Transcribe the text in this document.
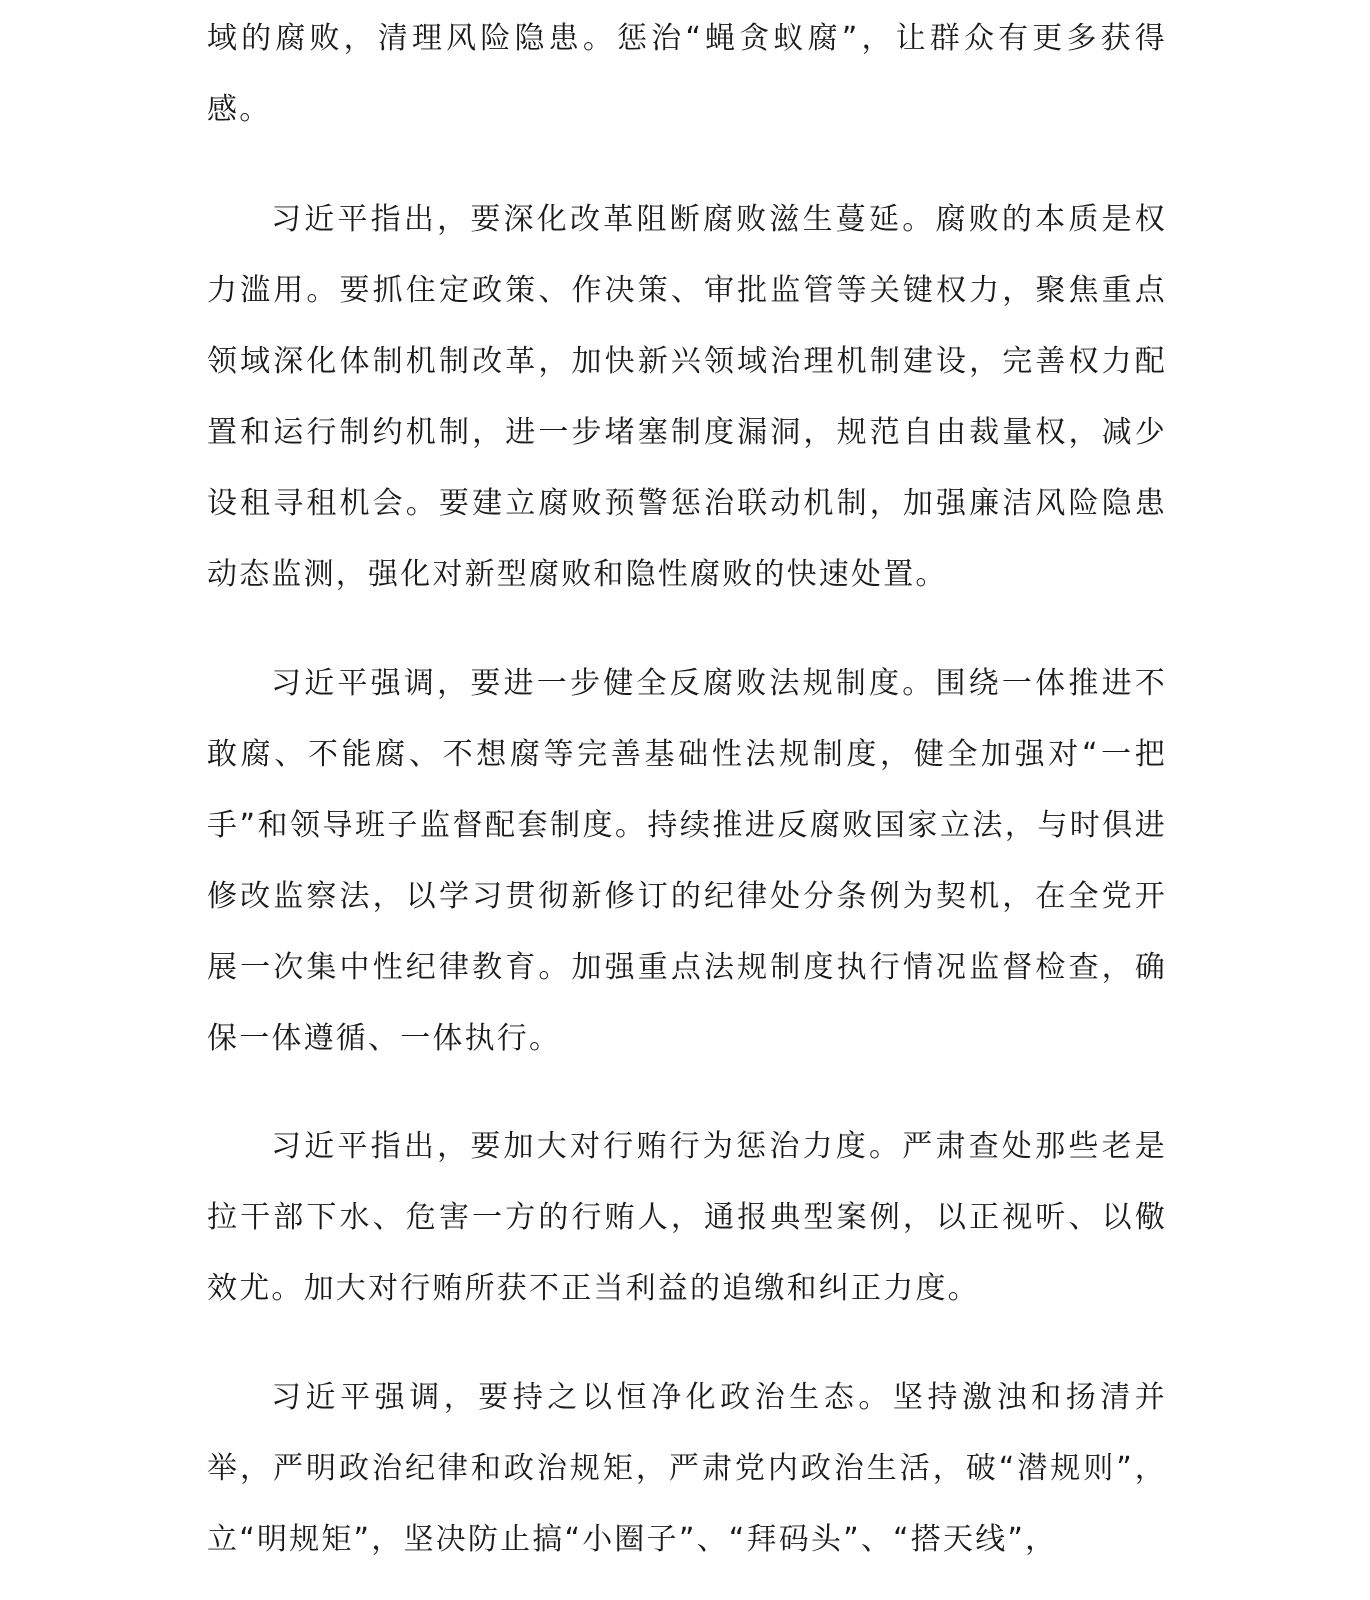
域的腐败，清理风险隐患。惩治“蝇贪蚁腐”，让群众有更多获得感。

习近平指出，要深化改革阻断腐败滋生蔓延。腐败的本质是权力滥用。要抓住定政策、作决策、审批监管等关键权力，聚焦重点领域深化体制机制改革，加快新兴领域治理机制建设，完善权力配置和运行制约机制，进一步堵塞制度漏洞，规范自由裁量权，减少设租寻租机会。要建立腐败预警惩治联动机制，加强廉洁风险隐患动态监测，强化对新型腐败和隐性腐败的快速处置。

习近平强调，要进一步健全反腐败法规制度。围绕一体推进不敢腐、不能腐、不想腐等完善基础性法规制度，健全加强对“一把手”和领导班子监督配套制度。持续推进反腐败国家立法，与时俱进修改监察法，以学习贯彻新修订的纪律处分条例为契机，在全党开展一次集中性纪律教育。加强重点法规制度执行情况监督检查，确保一体遵循、一体执行。

习近平指出，要加大对行贿行为惩治力度。严肃查处那些老是拉干部下水、危害一方的行贿人，通报典型案例，以正视听、以儆效尤。加大对行贿所获不正当利益的追缴和纠正力度。

习近平强调，要持之以恒净化政治生态。坚持激浊和扬清并举，严明政治纪律和政治规矩，严肃党内政治生活，破“潜规则”，立“明规矩”，坚决防止搞“小圈子”、“拜码头”、“搭天线”，
